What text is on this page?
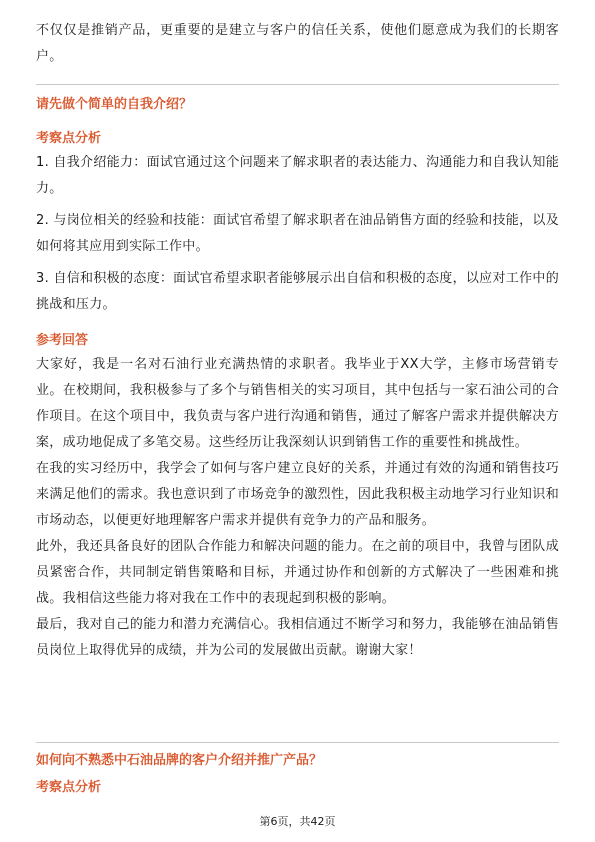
不仅仅是推销产品，更重要的是建立与客户的信任关系，使他们愿意成为我们的长期客户。

请先做个简单的自我介绍？

考察点分析

1. 自我介绍能力：面试官通过这个问题来了解求职者的表达能力、沟通能力和自我认知能力。

2. 与岗位相关的经验和技能：面试官希望了解求职者在油品销售方面的经验和技能，以及如何将其应用到实际工作中。

3. 自信和积极的态度：面试官希望求职者能够展示出自信和积极的态度，以应对工作中的挑战和压力。

参考回答

大家好，我是一名对石油行业充满热情的求职者。我毕业于XX大学，主修市场营销专业。在校期间，我积极参与了多个与销售相关的实习项目，其中包括与一家石油公司的合作项目。在这个项目中，我负责与客户进行沟通和销售，通过了解客户需求并提供解决方案，成功地促成了多笔交易。这些经历让我深刻认识到销售工作的重要性和挑战性。

在我的实习经历中，我学会了如何与客户建立良好的关系，并通过有效的沟通和销售技巧来满足他们的需求。我也意识到了市场竞争的激烈性，因此我积极主动地学习行业知识和市场动态，以便更好地理解客户需求并提供有竞争力的产品和服务。

此外，我还具备良好的团队合作能力和解决问题的能力。在之前的项目中，我曾与团队成员紧密合作，共同制定销售策略和目标，并通过协作和创新的方式解决了一些困难和挑战。我相信这些能力将对我在工作中的表现起到积极的影响。

最后，我对自己的能力和潜力充满信心。我相信通过不断学习和努力，我能够在油品销售员岗位上取得优异的成绩，并为公司的发展做出贡献。谢谢大家！

如何向不熟悉中石油品牌的客户介绍并推广产品？

考察点分析

第6页，共42页
